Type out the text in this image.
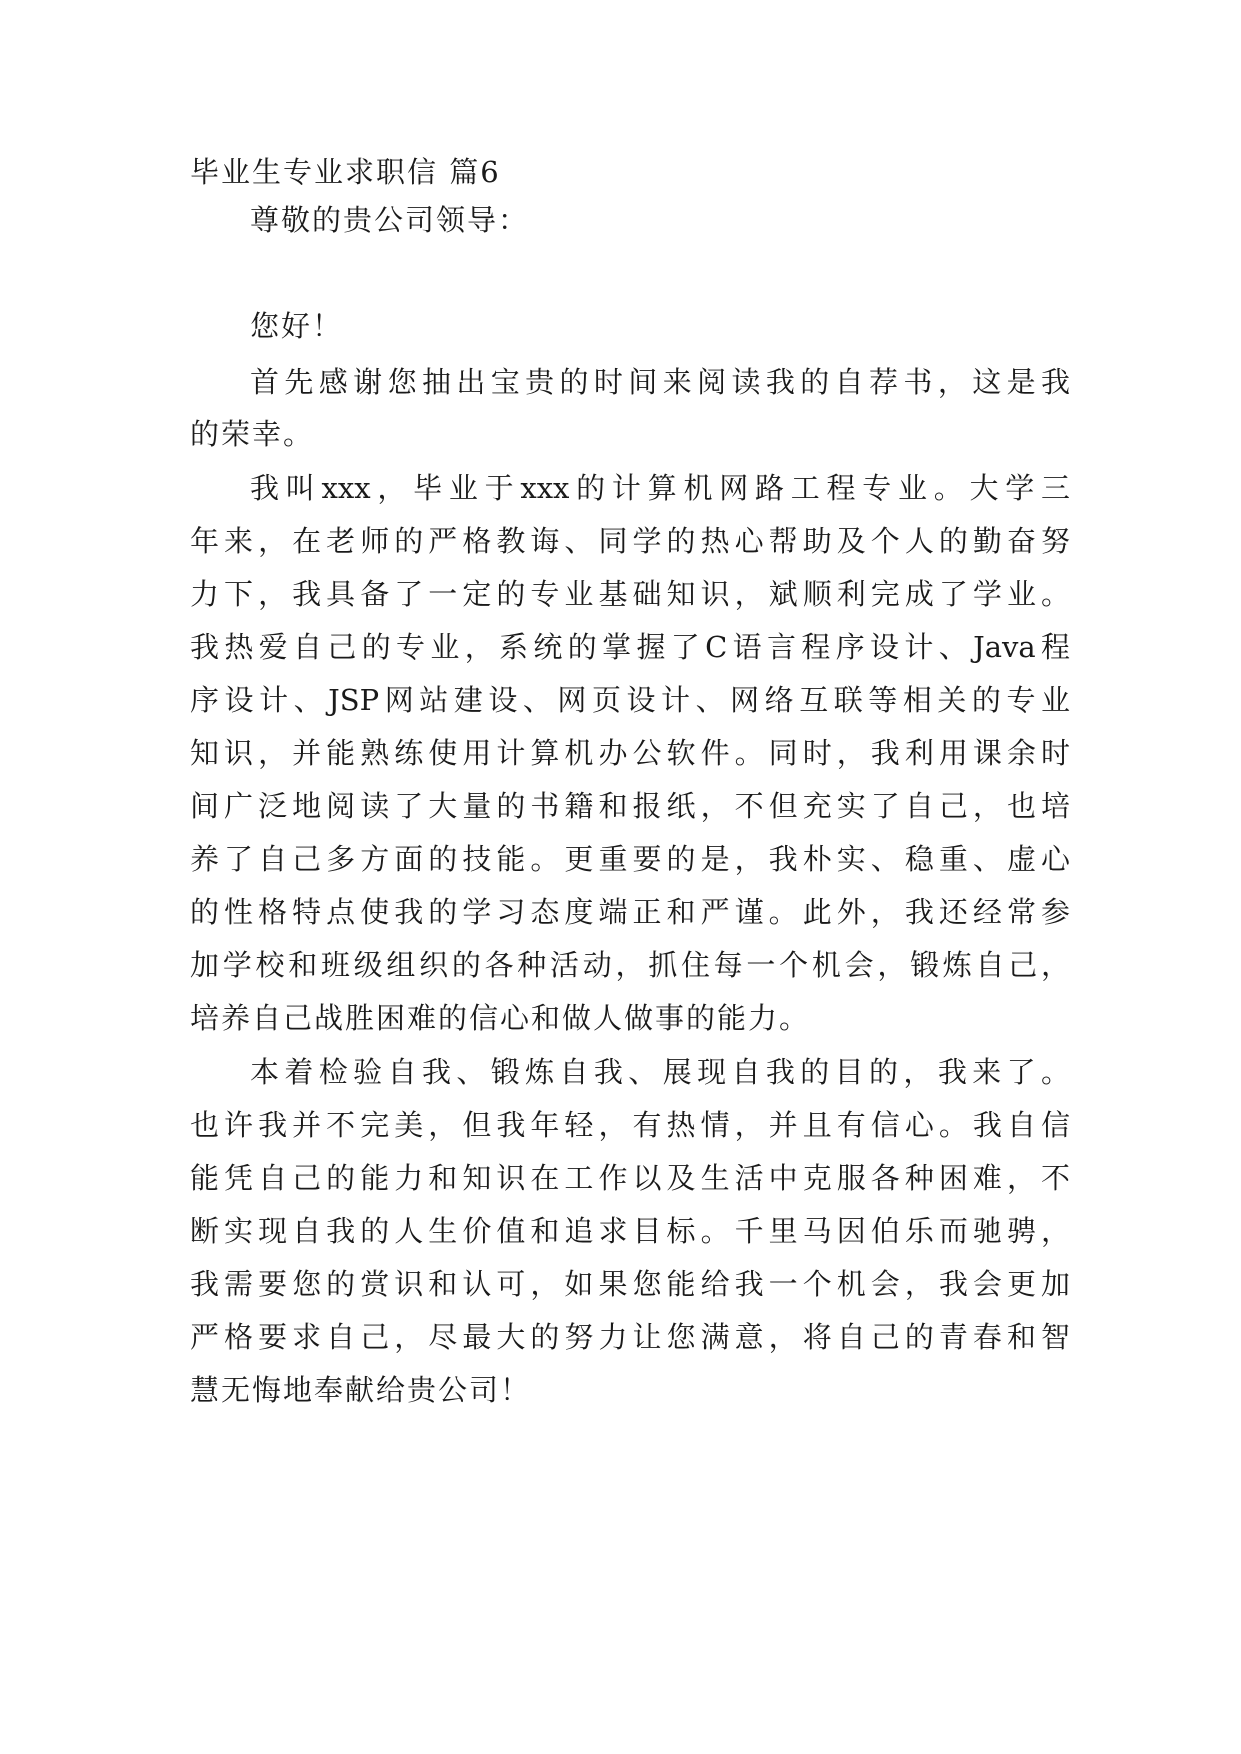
毕业生专业求职信 篇6
尊敬的贵公司领导：
您好！
首先感谢您抽出宝贵的时间来阅读我的自荐书，这是我
的荣幸。
我叫xxx，毕业于xxx的计算机网路工程专业。大学三
年来，在老师的严格教诲、同学的热心帮助及个人的勤奋努
力下，我具备了一定的专业基础知识，斌顺利完成了学业。
我热爱自己的专业，系统的掌握了C语言程序设计、Java程
序设计、JSP网站建设、网页设计、网络互联等相关的专业
知识，并能熟练使用计算机办公软件。同时，我利用课余时
间广泛地阅读了大量的书籍和报纸，不但充实了自己，也培
养了自己多方面的技能。更重要的是，我朴实、稳重、虚心
的性格特点使我的学习态度端正和严谨。此外，我还经常参
加学校和班级组织的各种活动，抓住每一个机会，锻炼自己，
培养自己战胜困难的信心和做人做事的能力。
本着检验自我、锻炼自我、展现自我的目的，我来了。
也许我并不完美，但我年轻，有热情，并且有信心。我自信
能凭自己的能力和知识在工作以及生活中克服各种困难，不
断实现自我的人生价值和追求目标。千里马因伯乐而驰骋，
我需要您的赏识和认可，如果您能给我一个机会，我会更加
严格要求自己，尽最大的努力让您满意，将自己的青春和智
慧无悔地奉献给贵公司！
